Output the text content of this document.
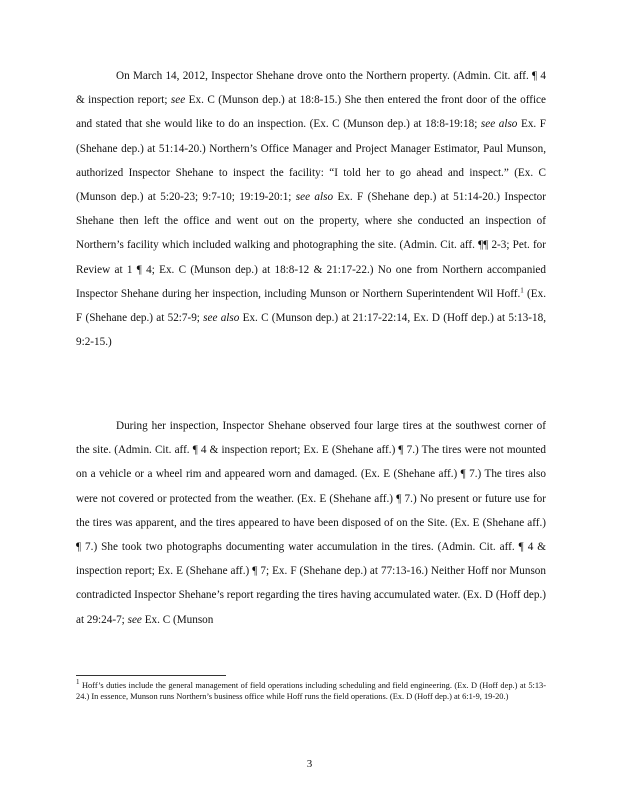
On March 14, 2012, Inspector Shehane drove onto the Northern property. (Admin. Cit. aff. ¶ 4 & inspection report; see Ex. C (Munson dep.) at 18:8-15.) She then entered the front door of the office and stated that she would like to do an inspection. (Ex. C (Munson dep.) at 18:8-19:18; see also Ex. F (Shehane dep.) at 51:14-20.) Northern’s Office Manager and Project Manager Estimator, Paul Munson, authorized Inspector Shehane to inspect the facility: “I told her to go ahead and inspect.” (Ex. C (Munson dep.) at 5:20-23; 9:7-10; 19:19-20:1; see also Ex. F (Shehane dep.) at 51:14-20.) Inspector Shehane then left the office and went out on the property, where she conducted an inspection of Northern’s facility which included walking and photographing the site. (Admin. Cit. aff. ¶¶ 2-3; Pet. for Review at 1 ¶ 4; Ex. C (Munson dep.) at 18:8-12 & 21:17-22.) No one from Northern accompanied Inspector Shehane during her inspection, including Munson or Northern Superintendent Wil Hoff.$^1$ (Ex. F (Shehane dep.) at 52:7-9; see also Ex. C (Munson dep.) at 21:17-22:14, Ex. D (Hoff dep.) at 5:13-18, 9:2-15.)

During her inspection, Inspector Shehane observed four large tires at the southwest corner of the site. (Admin. Cit. aff. ¶ 4 & inspection report; Ex. E (Shehane aff.) ¶ 7.) The tires were not mounted on a vehicle or a wheel rim and appeared worn and damaged. (Ex. E (Shehane aff.) ¶ 7.) The tires also were not covered or protected from the weather. (Ex. E (Shehane aff.) ¶ 7.) No present or future use for the tires was apparent, and the tires appeared to have been disposed of on the Site. (Ex. E (Shehane aff.) ¶ 7.) She took two photographs documenting water accumulation in the tires. (Admin. Cit. aff. ¶ 4 & inspection report; Ex. E (Shehane aff.) ¶ 7; Ex. F (Shehane dep.) at 77:13-16.) Neither Hoff nor Munson contradicted Inspector Shehane’s report regarding the tires having accumulated water. (Ex. D (Hoff dep.) at 29:24-7; see Ex. C (Munson

$^1$ Hoff’s duties include the general management of field operations including scheduling and field engineering. (Ex. D (Hoff dep.) at 5:13-24.) In essence, Munson runs Northern’s business office while Hoff runs the field operations. (Ex. D (Hoff dep.) at 6:1-9, 19-20.)

3
